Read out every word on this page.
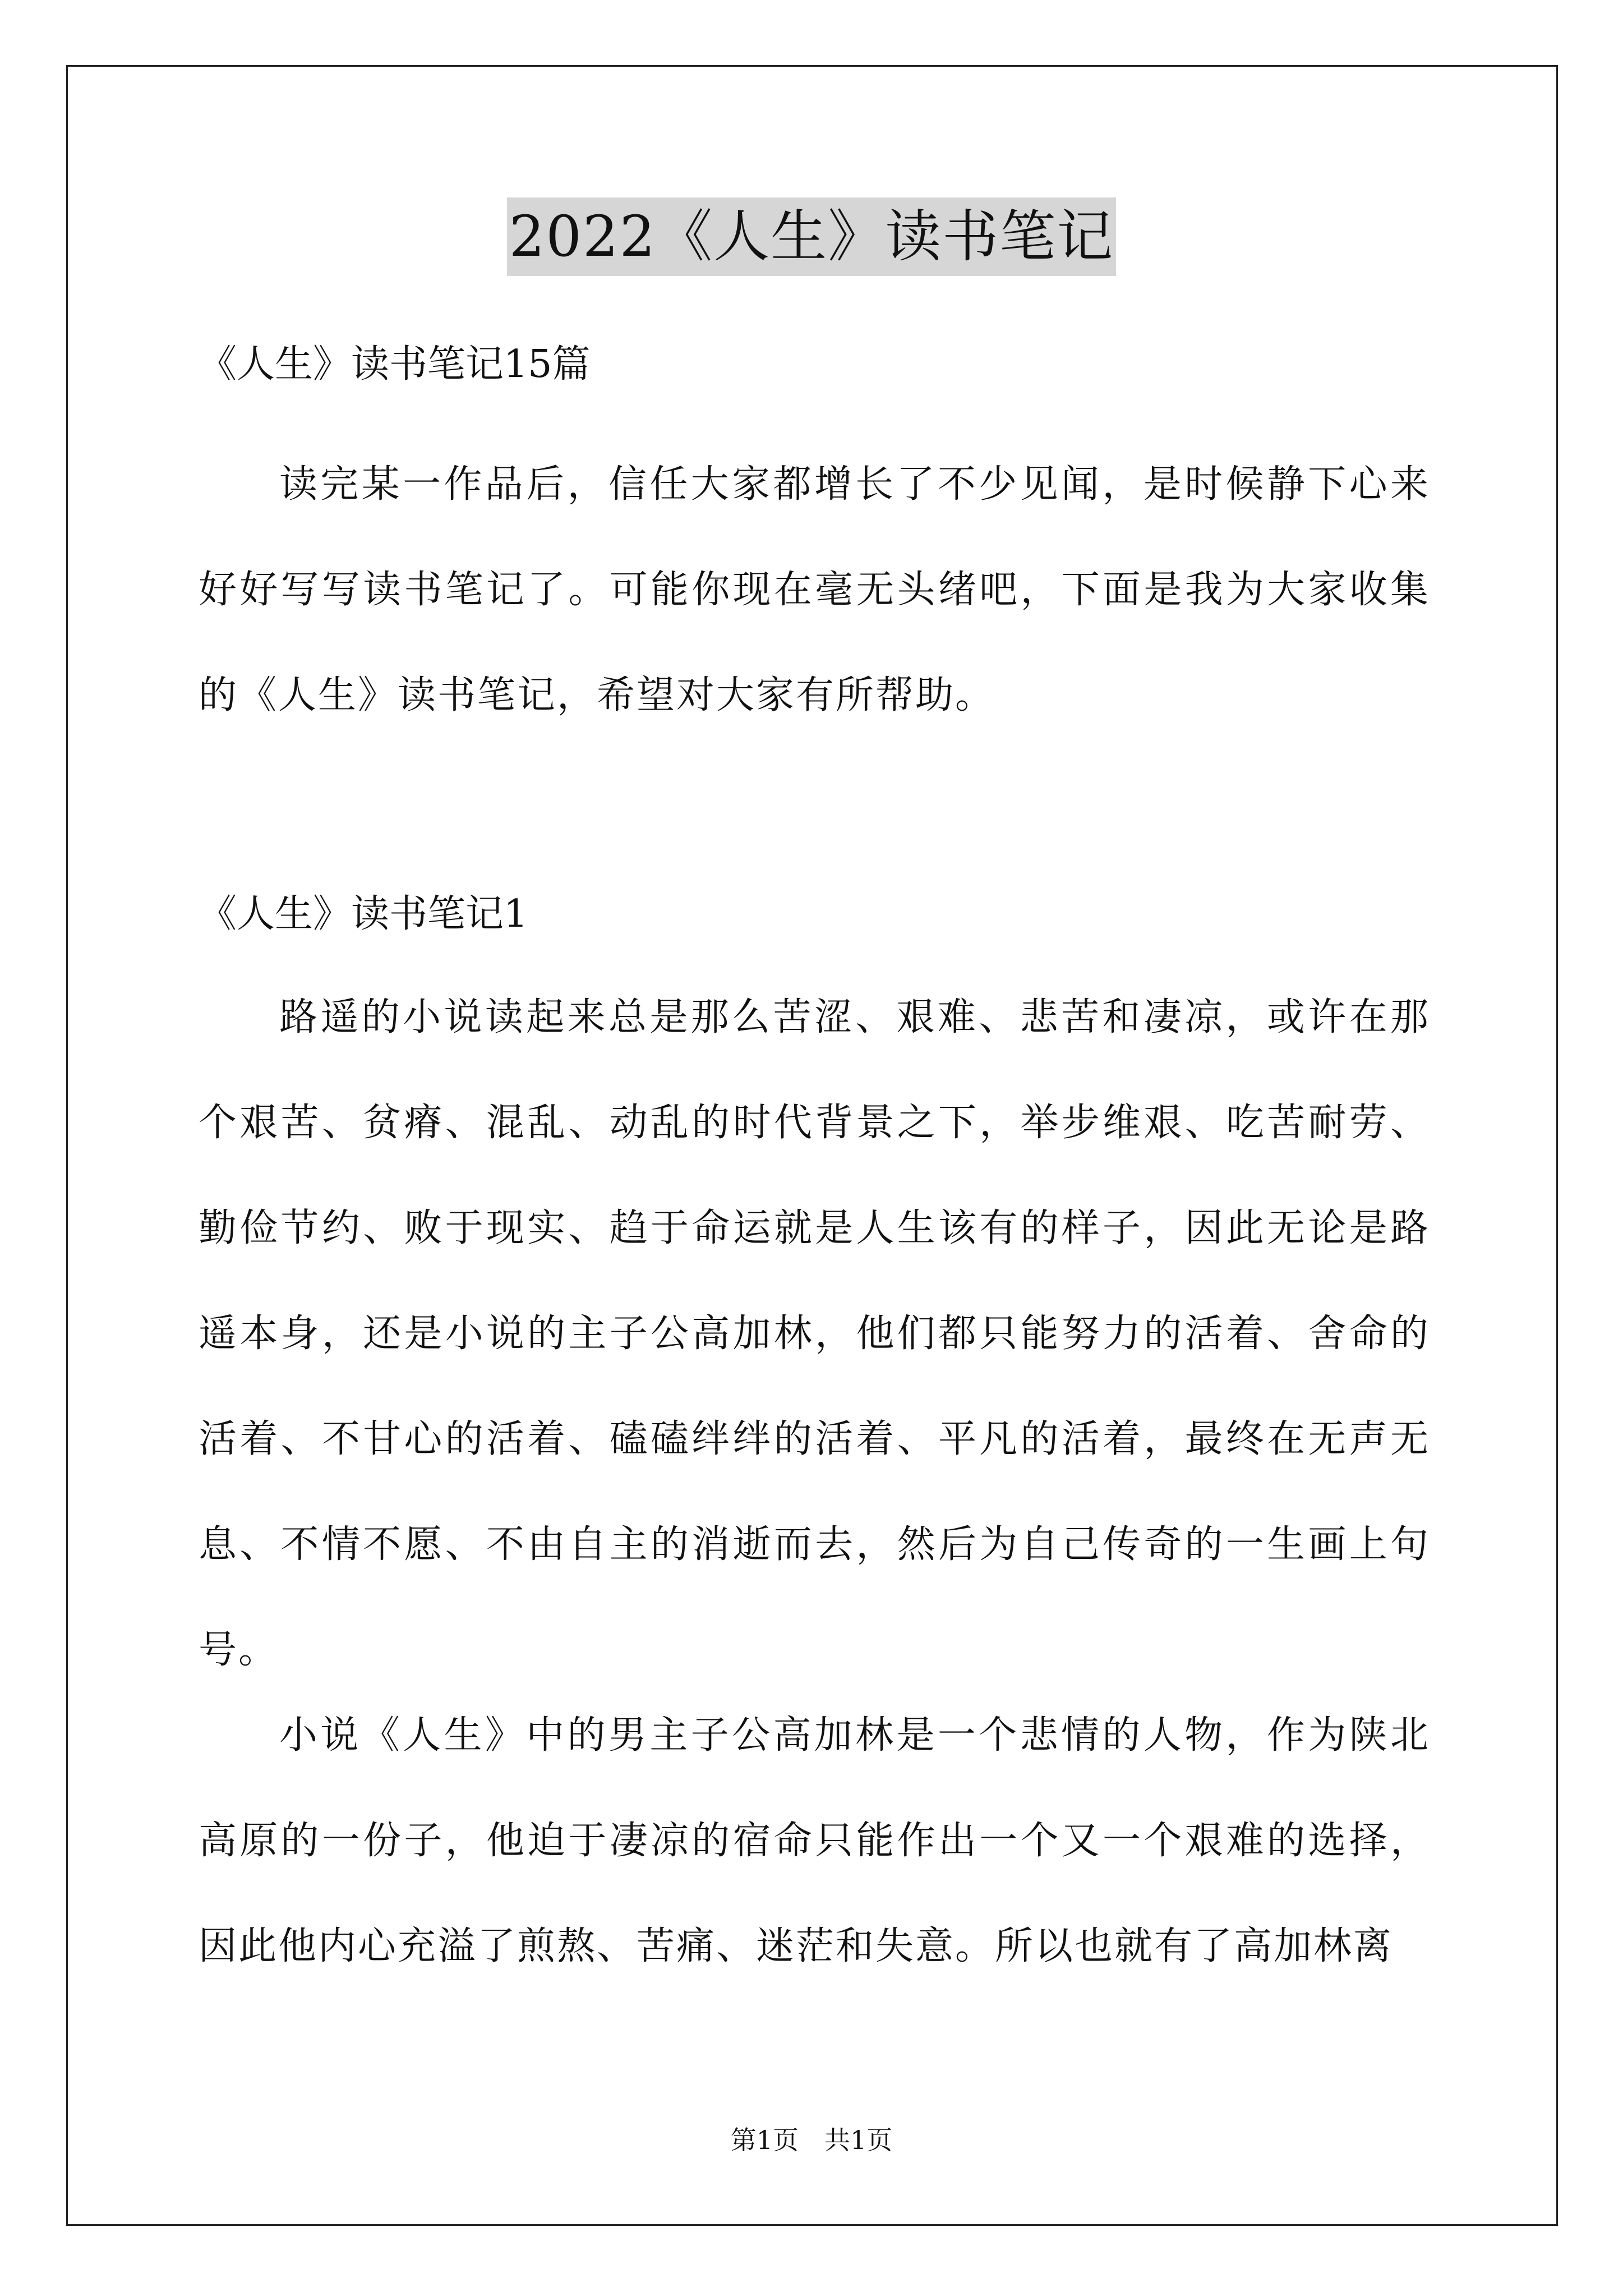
2022《人生》读书笔记
《人生》读书笔记15篇

读完某一作品后，信任大家都增长了不少见闻，是时候静下心来好好写写读书笔记了。可能你现在毫无头绪吧，下面是我为大家收集的《人生》读书笔记，希望对大家有所帮助。

《人生》读书笔记1

路遥的小说读起来总是那么苦涩、艰难、悲苦和凄凉，或许在那个艰苦、贫瘠、混乱、动乱的时代背景之下，举步维艰、吃苦耐劳、勤俭节约、败于现实、趋于命运就是人生该有的样子，因此无论是路遥本身，还是小说的主子公高加林，他们都只能努力的活着、舍命的活着、不甘心的活着、磕磕绊绊的活着、平凡的活着，最终在无声无息、不情不愿、不由自主的消逝而去，然后为自己传奇的一生画上句号。

小说《人生》中的男主子公高加林是一个悲情的人物，作为陕北高原的一份子，他迫于凄凉的宿命只能作出一个又一个艰难的选择，因此他内心充溢了煎熬、苦痛、迷茫和失意。所以也就有了高加林离

第1页　共1页
